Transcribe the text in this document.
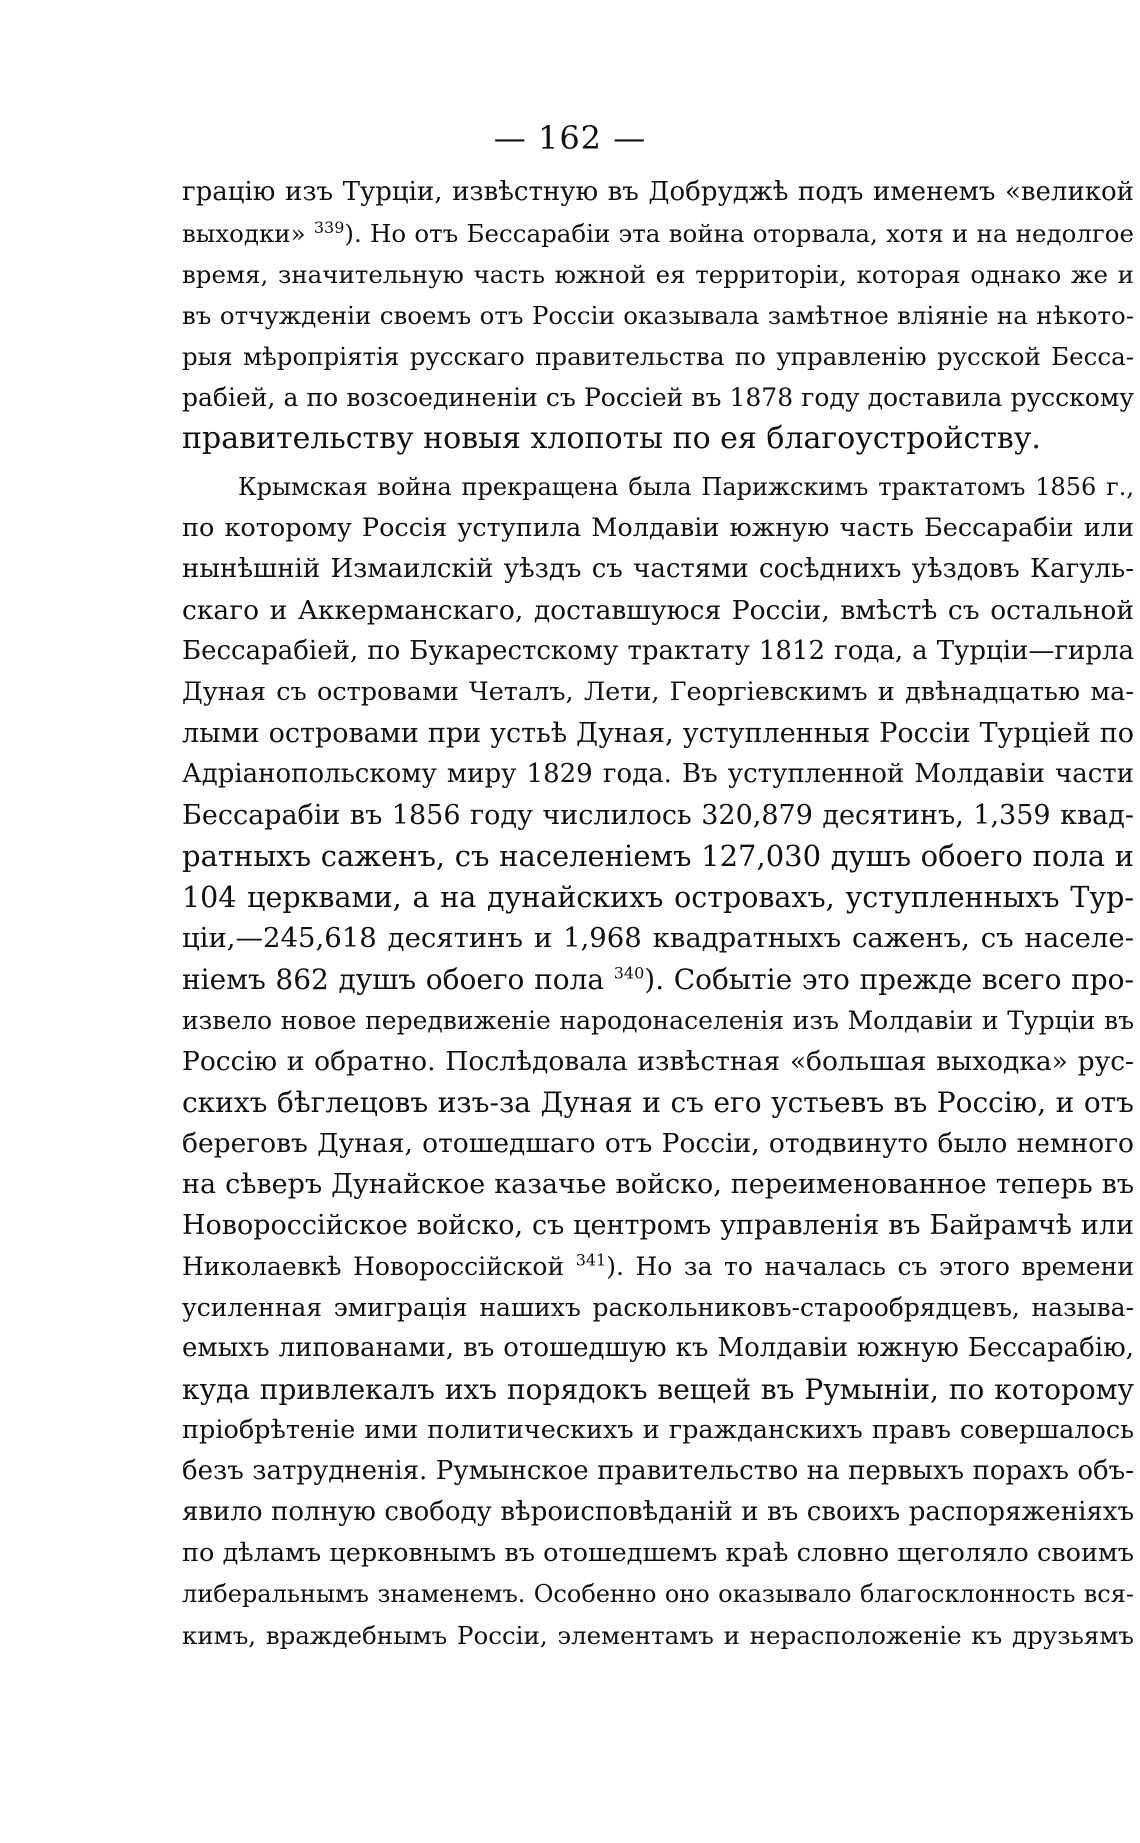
— 162 —
грацію изъ Турціи, извѣстную въ Добруджѣ подъ именемъ «великой
выходки» $^{339}$). Но отъ Бессарабіи эта война оторвала, хотя и на недолгое
время, значительную часть южной ея территоріи, которая однако же и
въ отчужденіи своемъ отъ Россіи оказывала замѣтное вліяніе на нѣкото-
рыя мѣропріятія русскаго правительства по управленію русской Бесса-
рабіей, а по возсоединеніи съ Россіей въ 1878 году доставила русскому
правительству новыя хлопоты по ея благоустройству.
Крымская война прекращена была Парижскимъ трактатомъ 1856 г.,
по которому Россія уступила Молдавіи южную часть Бессарабіи или
нынѣшній Измаилскій уѣздъ съ частями сосѣднихъ уѣздовъ Кагуль-
скаго и Аккерманскаго, доставшуюся Россіи, вмѣстѣ съ остальной
Бессарабіей, по Букарестскому трактату 1812 года, а Турціи—гирла
Дуная съ островами Четалъ, Лети, Георгіевскимъ и двѣнадцатью ма-
лыми островами при устьѣ Дуная, уступленныя Россіи Турціей по
Адріанопольскому миру 1829 года. Въ уступленной Молдавіи части
Бессарабіи въ 1856 году числилось 320,879 десятинъ, 1,359 квад-
ратныхъ саженъ, съ населеніемъ 127,030 душъ обоего пола и
104 церквами, а на дунайскихъ островахъ, уступленныхъ Тур-
ціи,—245,618 десятинъ и 1,968 квадратныхъ саженъ, съ населе-
ніемъ 862 душъ обоего пола $^{340}$). Событіе это прежде всего про-
извело новое передвиженіе народонаселенія изъ Молдавіи и Турціи въ
Россію и обратно. Послѣдовала извѣстная «большая выходка» рус-
скихъ бѣглецовъ изъ-за Дуная и съ его устьевъ въ Россію, и отъ
береговъ Дуная, отошедшаго отъ Россіи, отодвинуто было немного
на сѣверъ Дунайское казачье войско, переименованное теперь въ
Новороссійское войско, съ центромъ управленія въ Байрамчѣ или
Николаевкѣ Новороссійской $^{341}$). Но за то началась съ этого времени
усиленная эмиграція нашихъ раскольниковъ-старообрядцевъ, называ-
емыхъ липованами, въ отошедшую къ Молдавіи южную Бессарабію,
куда привлекалъ ихъ порядокъ вещей въ Румыніи, по которому
пріобрѣтеніе ими политическихъ и гражданскихъ правъ совершалось
безъ затрудненія. Румынское правительство на первыхъ порахъ объ-
явило полную свободу вѣроисповѣданій и въ своихъ распоряженіяхъ
по дѣламъ церковнымъ въ отошедшемъ краѣ словно щеголяло своимъ
либеральнымъ знаменемъ. Особенно оно оказывало благосклонность вся-
кимъ, враждебнымъ Россіи, элементамъ и нерасположеніе къ друзьямъ
